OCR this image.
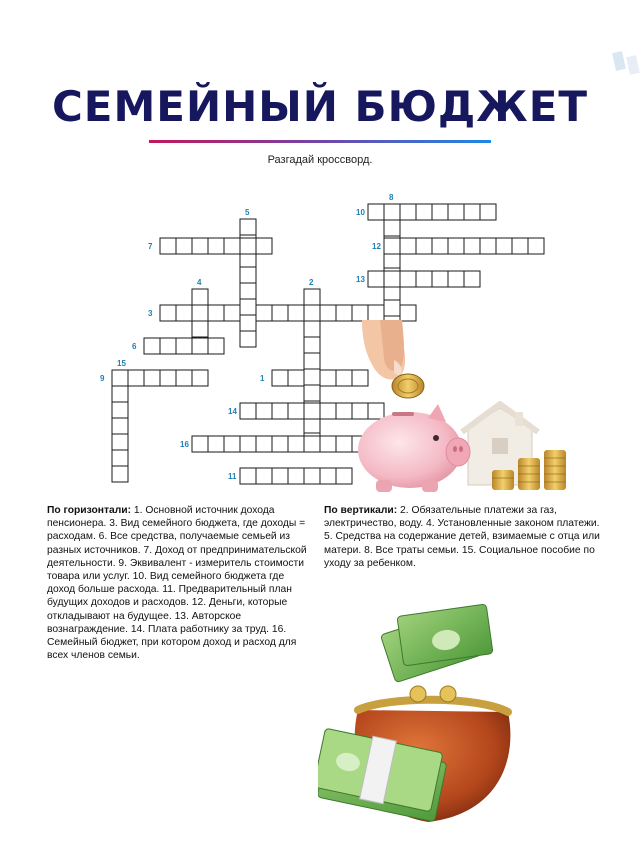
СЕМЕЙНЫЙ БЮДЖЕТ
Разгадай кроссворд.
1
2
3
4
5
6
7
8
9
10
11
12
13
14
15
16
По горизонтали: 1. Основной источник дохода пенсионера. 3. Вид семейного бюджета, где доходы = расходам. 6. Все средства, получаемые семьей из разных источников. 7. Доход от предпринимательской деятельности. 9. Эквивалент - измеритель стоимости товара или услуг. 10. Вид семейного бюджета где доход больше расхода. 11. Предварительный план будущих доходов и расходов. 12. Деньги, которые откладывают на будущее. 13. Авторское вознаграждение. 14. Плата работнику за труд. 16. Семейный бюджет, при котором доход и расход для всех членов семьи.
По вертикали: 2. Обязательные платежи за газ, электричество, воду. 4. Установленные законом платежи. 5. Средства на содержание детей, взимаемые с отца или матери. 8. Все траты семьи. 15. Социальное пособие по уходу за ребенком.
